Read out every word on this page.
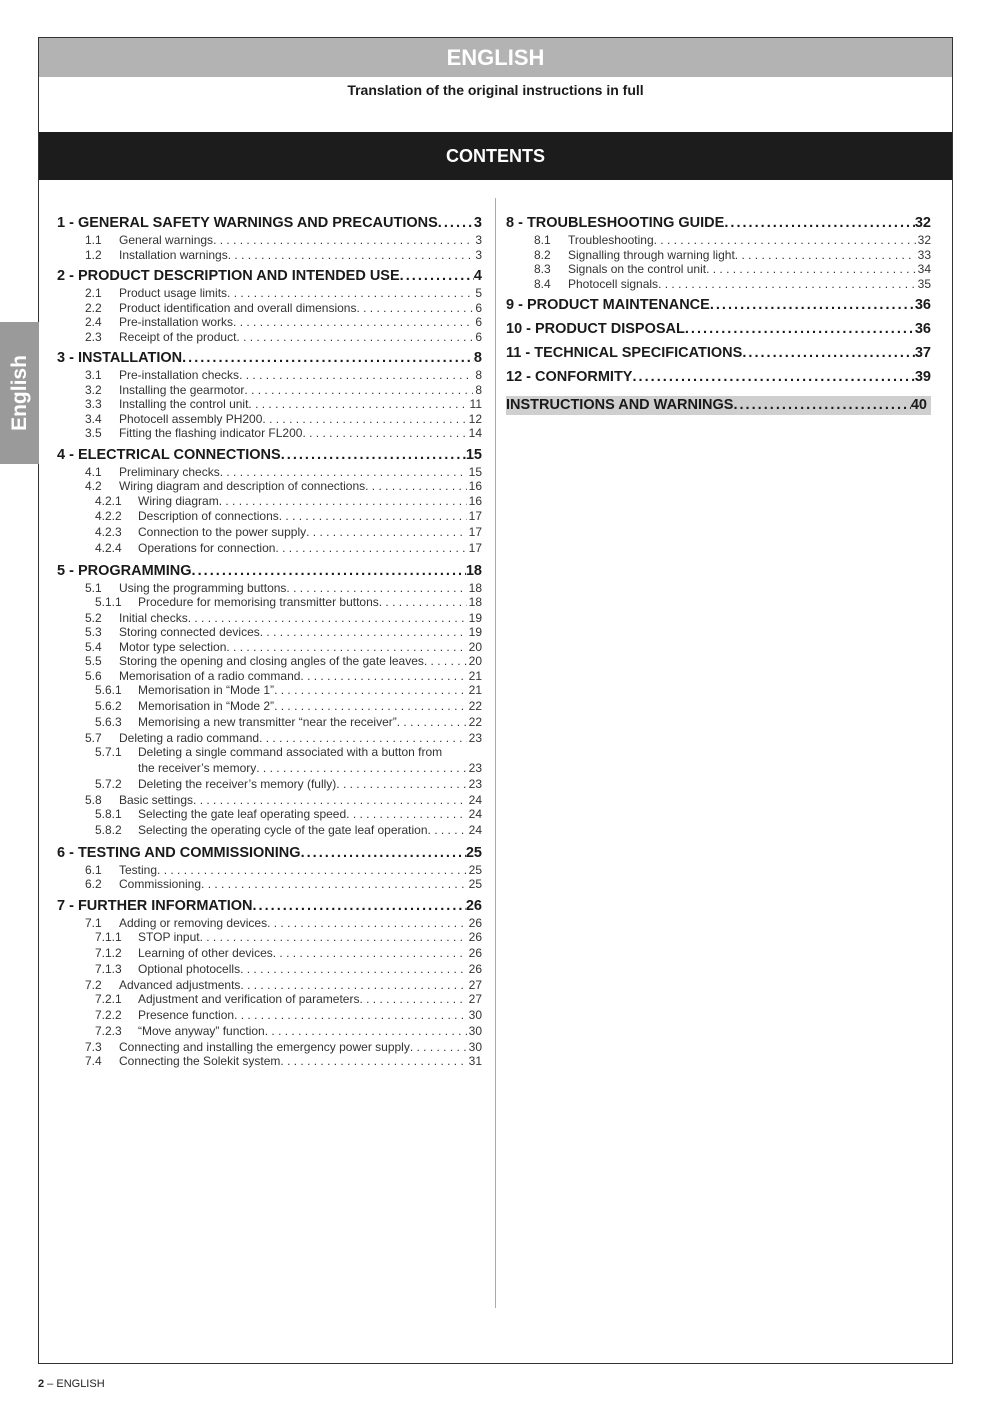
ENGLISH
Translation of the original instructions in full
CONTENTS
English
1 - GENERAL SAFETY WARNINGS AND PRECAUTIONS . . . 3
1.1	General warnings . . .	3
1.2	Installation warnings . . .	3
2 - PRODUCT DESCRIPTION AND INTENDED USE . . .	4
2.1	Product usage limits . . .	5
2.2	Product identification and overall dimensions . . .	6
2.4	Pre-installation works . . .	6
2.3	Receipt of the product . . .	6
3 - INSTALLATION . . .	8
3.1	Pre-installation checks . . .	8
3.2	Installing the gearmotor . . .	8
3.3	Installing the control unit . . .	11
3.4	Photocell assembly PH200 . . .	12
3.5	Fitting the flashing indicator FL200 . . .	14
4 - ELECTRICAL CONNECTIONS . . .	15
4.1	Preliminary checks . . .	15
4.2	Wiring diagram and description of connections . . .	16
4.2.1	Wiring diagram . . .	16
4.2.2	Description of connections . . .	17
4.2.3	Connection to the power supply . . .	17
4.2.4	Operations for connection . . .	17
5 - PROGRAMMING . . .	18
5.1	Using the programming buttons . . .	18
5.1.1	Procedure for memorising transmitter buttons . . .	18
5.2	Initial checks . . .	19
5.3	Storing connected devices . . .	19
5.4	Motor type selection . . .	20
5.5	Storing the opening and closing angles of the gate leaves . . .	20
5.6	Memorisation of a radio command . . .	21
5.6.1	Memorisation in “Mode 1” . . .	21
5.6.2	Memorisation in “Mode 2” . . .	22
5.6.3	Memorising a new transmitter “near the receiver” . . .	22
5.7	Deleting a radio command . . .	23
5.7.1	Deleting a single command associated with a button from
the receiver’s memory . . .	23
5.7.2	Deleting the receiver’s memory (fully) . . .	23
5.8	Basic settings . . .	24
5.8.1	Selecting the gate leaf operating speed . . .	24
5.8.2	Selecting the operating cycle of the gate leaf operation . . .	24
6 - TESTING AND COMMISSIONING . . .	25
6.1	Testing . . .	25
6.2	Commissioning . . .	25
7 - FURTHER INFORMATION . . .	26
7.1	Adding or removing devices . . .	26
7.1.1	STOP input . . .	26
7.1.2	Learning of other devices . . .	26
7.1.3	Optional photocells . . .	26
7.2	Advanced adjustments . . .	27
7.2.1	Adjustment and verification of parameters . . .	27
7.2.2	Presence function . . .	30
7.2.3	“Move anyway” function . . .	30
7.3	Connecting and installing the emergency power supply . . .	30
7.4	Connecting the Solekit system . . .	31
8 - TROUBLESHOOTING GUIDE . . .	32
8.1	Troubleshooting . . .	32
8.2	Signalling through warning light . . .	33
8.3	Signals on the control unit . . .	34
8.4	Photocell signals . . .	35
9 - PRODUCT MAINTENANCE . . .	36
10 - PRODUCT DISPOSAL . . .	36
11 - TECHNICAL SPECIFICATIONS . . .	37
12 - CONFORMITY . . .	39
INSTRUCTIONS AND WARNINGS . . .	40
2 – ENGLISH
